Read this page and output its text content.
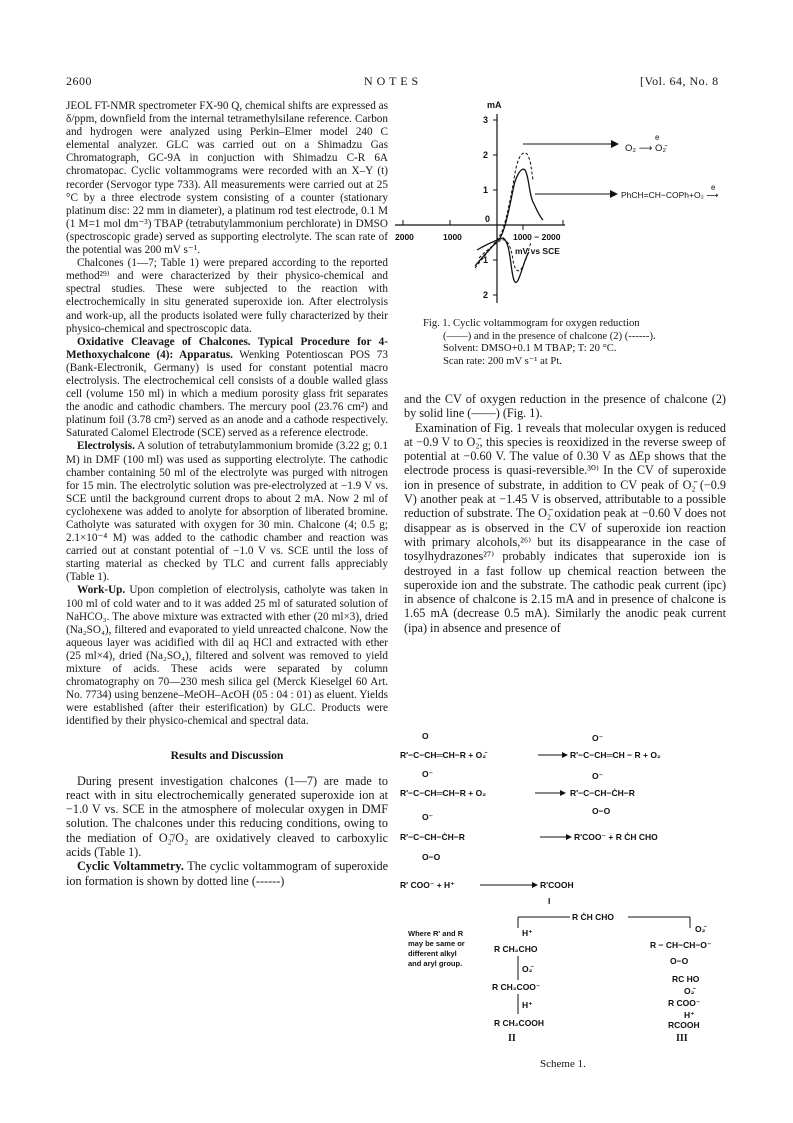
2600	N O T E S	[Vol. 64, No. 8

JEOL FT-NMR spectrometer FX-90 Q, chemical shifts are expressed as δ/ppm, downfield from the internal tetramethylsilane reference. Carbon and hydrogen were analyzed using Perkin–Elmer model 240 C elemental analyzer. GLC was carried out on a Shimadzu Gas Chromatograph, GC-9A in conjuction with Shimadzu C-R 6A chromatopac. Cyclic voltammograms were recorded with an X–Y (t) recorder (Servogor type 733). All measurements were carried out at 25 °C by a three electrode system consisting of a counter (stationary platinum disc: 22 mm in diameter), a platinum rod test electrode, 0.1 M (1 M=1 mol dm⁻³) TBAP (tetrabutylammonium perchlorate) in DMSO (spectroscopic grade) served as supporting electrolyte. The scan rate of the potential was 200 mV s⁻¹.

Chalcones (1—7; Table 1) were prepared according to the reported method²⁹⁾ and were characterized by their physico-chemical and spectral studies. These were subjected to the reaction with electrochemically in situ generated superoxide ion. After electrolysis and work-up, all the products isolated were fully characterized by their physico-chemical and spectroscopic data.

Oxidative Cleavage of Chalcones. Typical Procedure for 4-Methoxychalcone (4): Apparatus. Wenking Potentioscan POS 73 (Bank-Electronik, Germany) is used for constant potential macro electrolysis. The electrochemical cell consists of a double walled glass cell (volume 150 ml) in which a medium porosity glass frit separates the anodic and cathodic chambers. The mercury pool (23.76 cm²) and platinum foil (3.78 cm²) served as an anode and a cathode respectively. Saturated Calomel Electrode (SCE) served as a reference electrode.

Electrolysis. A solution of tetrabutylammonium bromide (3.22 g; 0.1 M) in DMF (100 ml) was used as supporting electrolyte. The cathodic chamber containing 50 ml of the electrolyte was purged with nitrogen for 15 min. The electrolytic solution was pre-electrolyzed at −1.9 V vs. SCE until the background current drops to about 2 mA. Now 2 ml of cyclohexene was added to anolyte for absorption of liberated bromine. Catholyte was saturated with oxygen for 30 min. Chalcone (4; 0.5 g; 2.1×10⁻⁴ M) was added to the cathodic chamber and reaction was carried out at constant potential of −1.0 V vs. SCE until the loss of starting material as checked by TLC and current falls appreciably (Table 1).

Work-Up. Upon completion of electrolysis, catholyte was taken in 100 ml of cold water and to it was added 25 ml of saturated solution of NaHCO₃. The above mixture was extracted with ether (20 ml×3), dried (Na₂SO₄), filtered and evaporated to yield unreacted chalcone. Now the aqueous layer was acidified with dil aq HCl and extracted with ether (25 ml×4), dried (Na₂SO₄), filtered and solvent was removed to yield mixture of acids. These acids were separated by column chromatography on 70—230 mesh silica gel (Merck Kieselgel 60 Art. No. 7734) using benzene–MeOH–AcOH (05 : 04 : 01) as eluent. Yields were established (after their esterification) by GLC. Products were identified by their physico-chemical and spectral data.

Results and Discussion

During present investigation chalcones (1—7) are made to react with in situ electrochemically generated superoxide ion at −1.0 V vs. SCE in the atmosphere of molecular oxygen in DMF solution. The chalcones under this reducing conditions, owing to the mediation of O₂̄/O₂ are oxidatively cleaved to carboxylic acids (Table 1).

Cyclic Voltammetry. The cyclic voltammogram of superoxide ion formation is shown by dotted line (------)

mA
3
2
1
0
1
2
2000	1000	1000 − 2000
mV vs SCE
O₂ ⟶ O₂̄
e
PhCH=CH−COPh+O₂ ⟶
e
Fig. 1. Cyclic voltammogram for oxygen reduction
(——) and in the presence of chalcone (2) (------).
Solvent: DMSO+0.1 M TBAP; T: 20 °C.
Scan rate: 200 mV s⁻¹ at Pt.

and the CV of oxygen reduction in the presence of chalcone (2) by solid line (——) (Fig. 1).

Examination of Fig. 1 reveals that molecular oxygen is reduced at −0.9 V to O₂̄, this species is reoxidized in the reverse sweep of potential at −0.60 V. The value of 0.30 V as ΔEp shows that the electrode process is quasi-reversible.³⁰⁾ In the CV of superoxide ion in presence of substrate, in addition to CV peak of O₂̄ (−0.9 V) another peak at −1.45 V is observed, attributable to a possible reduction of substrate. The O₂̄ oxidation peak at −0.60 V does not disappear as is observed in the CV of superoxide ion reaction with primary alcohols,²⁶⁾ but its disappearance in the case of tosylhydrazones²⁷⁾ probably indicates that superoxide ion is destroyed in a fast follow up chemical reaction between the superoxide ion and the substrate. The cathodic peak current (ipc) in absence of chalcone is 2.15 mA and in presence of chalcone is 1.65 mA (decrease 0.5 mA). Similarly the anodic peak current (ipa) in absence and presence of

O
R'−C−CH═CH−R + O₂̄
O⁻
R'−C−CH═CH − R + O₂
O⁻
R'−C−CH═CH−R + O₂
O⁻
R'−C−CH−ĊH−R
O−O
O⁻
R'−C−CH−ĊH−R
O−O
R'COO⁻ + R ĊH CHO
R' COO⁻ + H⁺	R'COOH
I
R ĊH CHO
Where R' and R
may be same or
different alkyl
and aryl group.
H⁺
R CH₂CHO
O₂̄
R CH₂COO⁻
H⁺
R CH₂COOH
O₂̄
R − CH−CH−O⁻
O−O
RC HO
O₂̄
R COO⁻
H⁺
RCOOH
II	III
Scheme 1.
